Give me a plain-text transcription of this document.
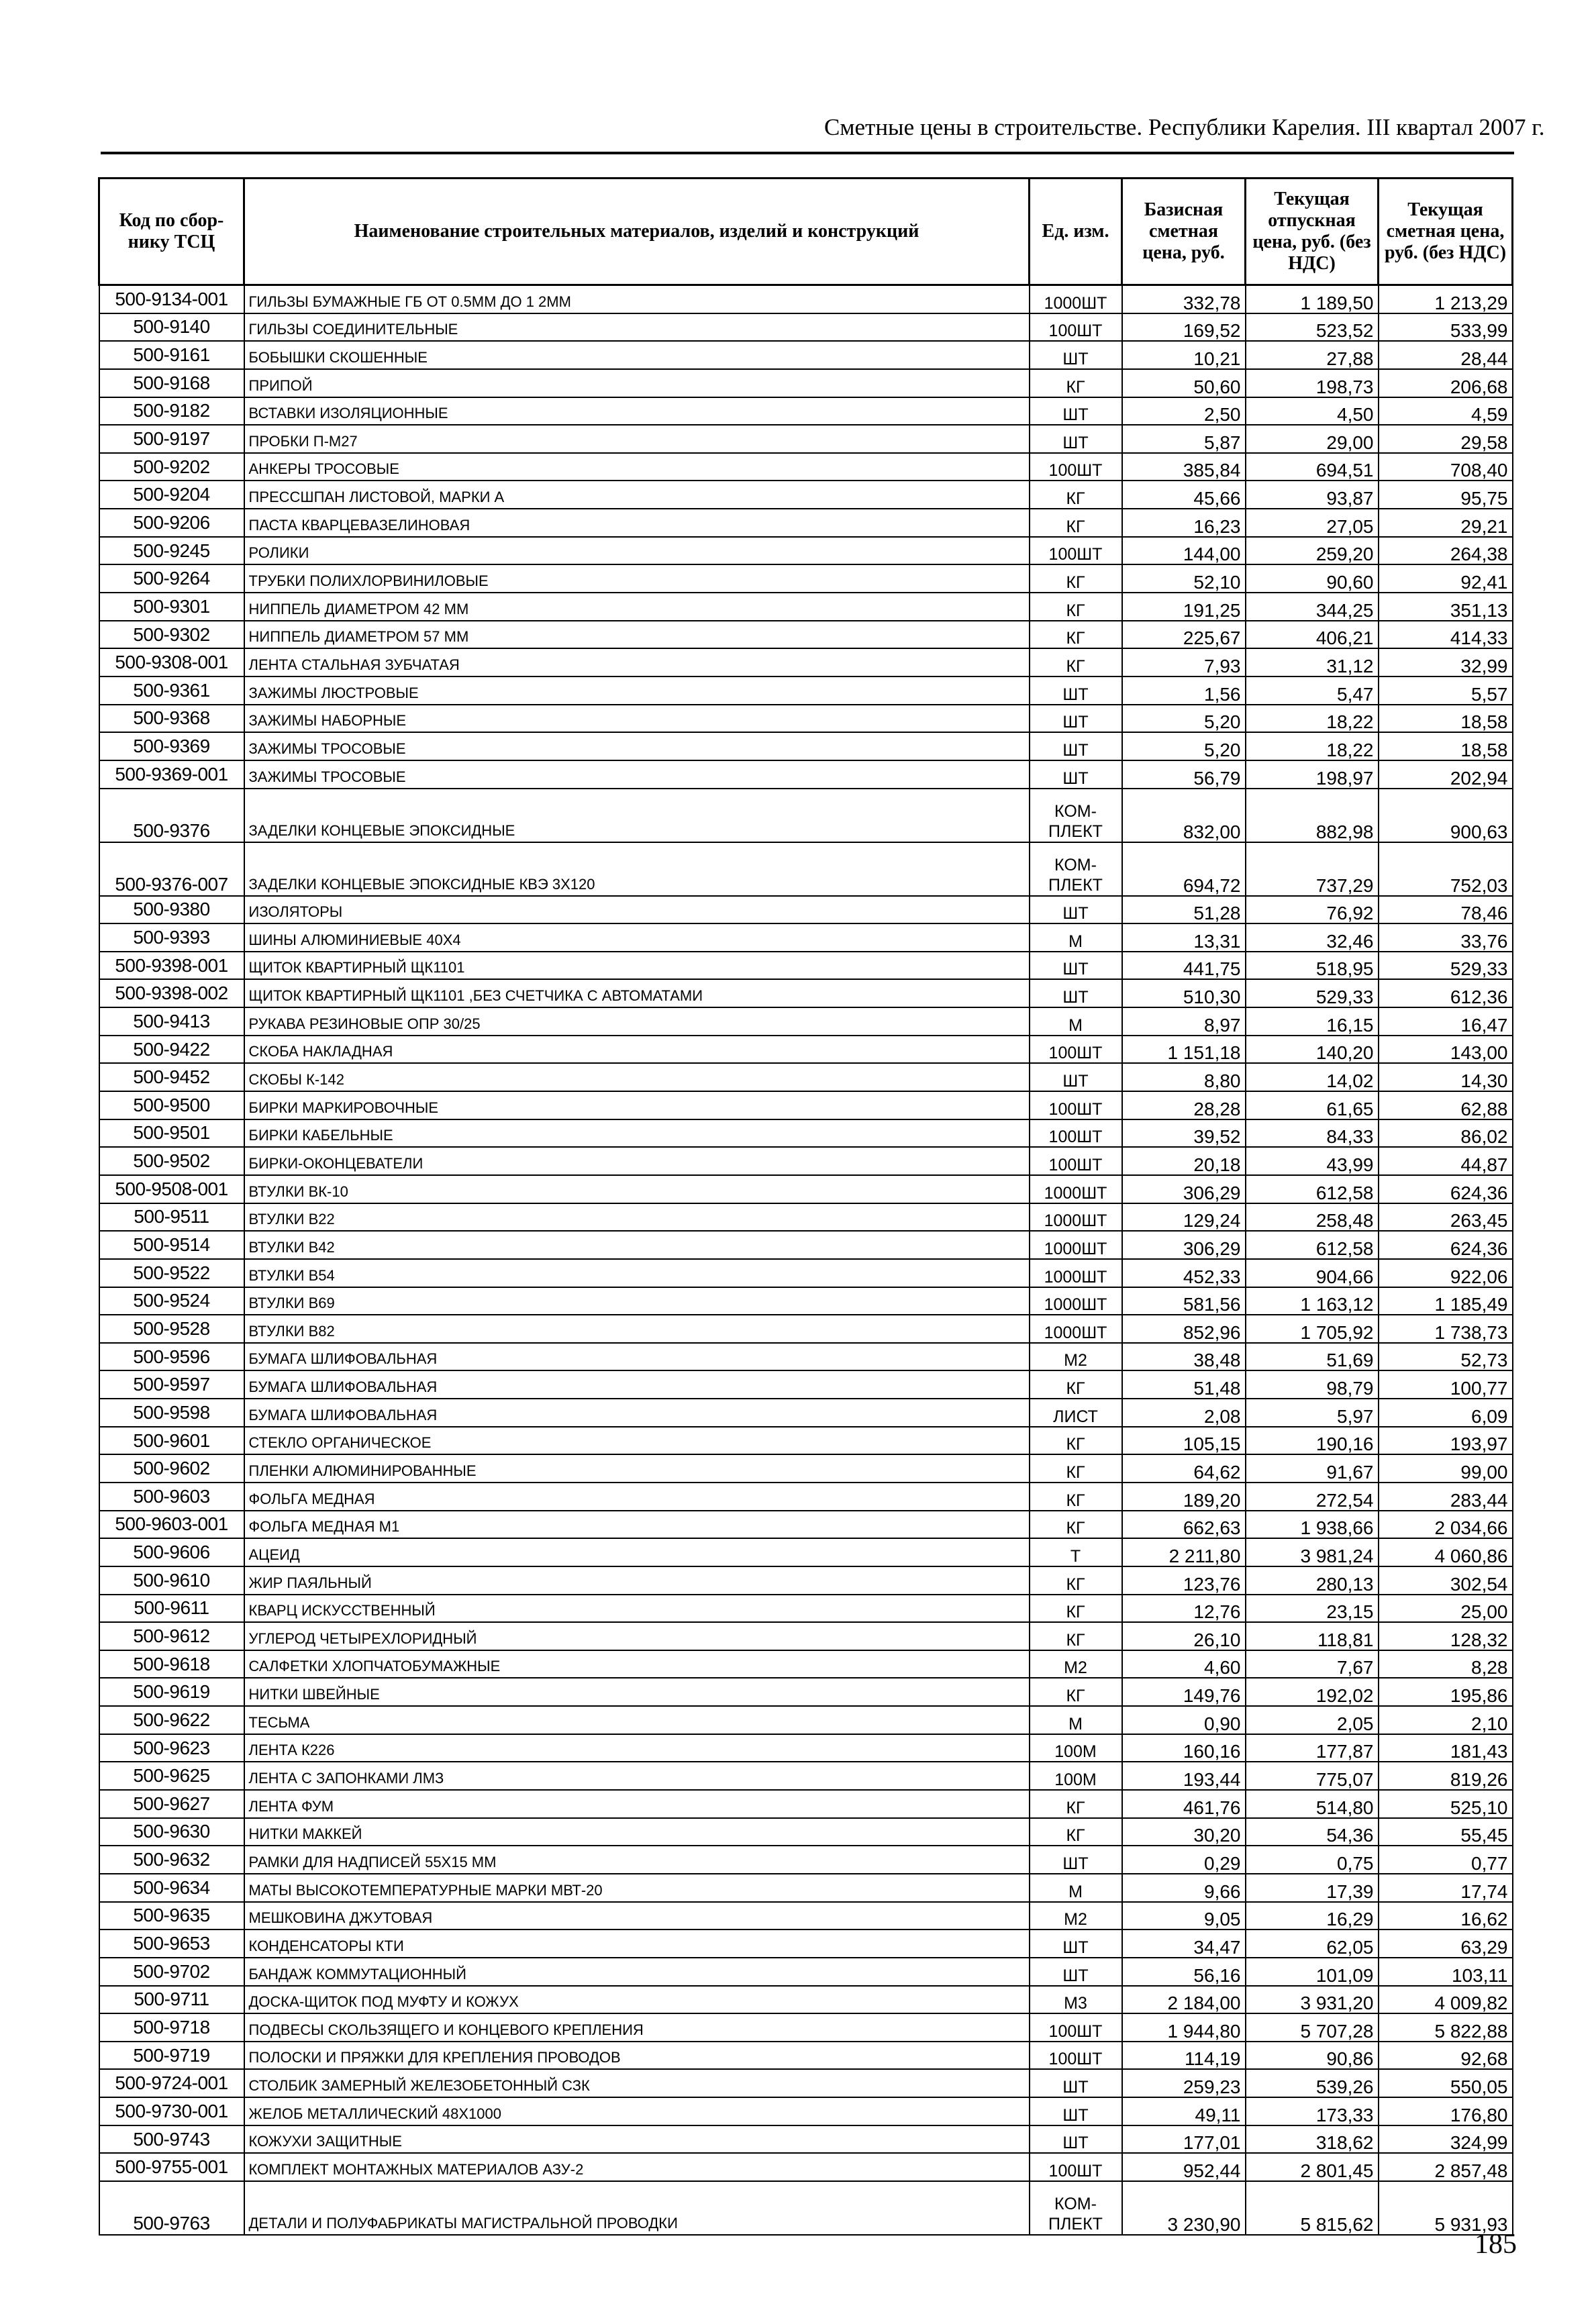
Сметные цены в строительстве. Республики Карелия. III квартал 2007 г.
Код по сбор-нику ТСЦ	Наименование строительных материалов, изделий и конструкций	Ед. изм.	Базисная сметная цена, руб.	Текущая отпускная цена, руб. (без НДС)	Текущая сметная цена, руб. (без НДС)
500-9134-001	ГИЛЬЗЫ БУМАЖНЫЕ ГБ ОТ 0.5ММ ДО 1 2ММ	1000ШТ	332,78	1 189,50	1 213,29
500-9140	ГИЛЬЗЫ СОЕДИНИТЕЛЬНЫЕ	100ШТ	169,52	523,52	533,99
500-9161	БОБЫШКИ СКОШЕННЫЕ	ШТ	10,21	27,88	28,44
500-9168	ПРИПОЙ	КГ	50,60	198,73	206,68
500-9182	ВСТАВКИ ИЗОЛЯЦИОННЫЕ	ШТ	2,50	4,50	4,59
500-9197	ПРОБКИ П-М27	ШТ	5,87	29,00	29,58
500-9202	АНКЕРЫ ТРОСОВЫЕ	100ШТ	385,84	694,51	708,40
500-9204	ПРЕССШПАН ЛИСТОВОЙ, МАРКИ А	КГ	45,66	93,87	95,75
500-9206	ПАСТА КВАРЦЕВАЗЕЛИНОВАЯ	КГ	16,23	27,05	29,21
500-9245	РОЛИКИ	100ШТ	144,00	259,20	264,38
500-9264	ТРУБКИ ПОЛИХЛОРВИНИЛОВЫЕ	КГ	52,10	90,60	92,41
500-9301	НИППЕЛЬ ДИАМЕТРОМ 42 ММ	КГ	191,25	344,25	351,13
500-9302	НИППЕЛЬ ДИАМЕТРОМ 57 ММ	КГ	225,67	406,21	414,33
500-9308-001	ЛЕНТА СТАЛЬНАЯ ЗУБЧАТАЯ	КГ	7,93	31,12	32,99
500-9361	ЗАЖИМЫ ЛЮСТРОВЫЕ	ШТ	1,56	5,47	5,57
500-9368	ЗАЖИМЫ НАБОРНЫЕ	ШТ	5,20	18,22	18,58
500-9369	ЗАЖИМЫ ТРОСОВЫЕ	ШТ	5,20	18,22	18,58
500-9369-001	ЗАЖИМЫ ТРОСОВЫЕ	ШТ	56,79	198,97	202,94
500-9376	ЗАДЕЛКИ КОНЦЕВЫЕ ЭПОКСИДНЫЕ	КОМ-ПЛЕКТ	832,00	882,98	900,63
500-9376-007	ЗАДЕЛКИ КОНЦЕВЫЕ ЭПОКСИДНЫЕ КВЭ 3Х120	КОМ-ПЛЕКТ	694,72	737,29	752,03
500-9380	ИЗОЛЯТОРЫ	ШТ	51,28	76,92	78,46
500-9393	ШИНЫ АЛЮМИНИЕВЫЕ 40Х4	М	13,31	32,46	33,76
500-9398-001	ЩИТОК КВАРТИРНЫЙ ЩК1101	ШТ	441,75	518,95	529,33
500-9398-002	ЩИТОК КВАРТИРНЫЙ ЩК1101 ,БЕЗ СЧЕТЧИКА С АВТОМАТАМИ	ШТ	510,30	529,33	612,36
500-9413	РУКАВА РЕЗИНОВЫЕ ОПР 30/25	М	8,97	16,15	16,47
500-9422	СКОБА НАКЛАДНАЯ	100ШТ	1 151,18	140,20	143,00
500-9452	СКОБЫ К-142	ШТ	8,80	14,02	14,30
500-9500	БИРКИ МАРКИРОВОЧНЫЕ	100ШТ	28,28	61,65	62,88
500-9501	БИРКИ КАБЕЛЬНЫЕ	100ШТ	39,52	84,33	86,02
500-9502	БИРКИ-ОКОНЦЕВАТЕЛИ	100ШТ	20,18	43,99	44,87
500-9508-001	ВТУЛКИ ВК-10	1000ШТ	306,29	612,58	624,36
500-9511	ВТУЛКИ В22	1000ШТ	129,24	258,48	263,45
500-9514	ВТУЛКИ В42	1000ШТ	306,29	612,58	624,36
500-9522	ВТУЛКИ В54	1000ШТ	452,33	904,66	922,06
500-9524	ВТУЛКИ В69	1000ШТ	581,56	1 163,12	1 185,49
500-9528	ВТУЛКИ В82	1000ШТ	852,96	1 705,92	1 738,73
500-9596	БУМАГА ШЛИФОВАЛЬНАЯ	М2	38,48	51,69	52,73
500-9597	БУМАГА ШЛИФОВАЛЬНАЯ	КГ	51,48	98,79	100,77
500-9598	БУМАГА ШЛИФОВАЛЬНАЯ	ЛИСТ	2,08	5,97	6,09
500-9601	СТЕКЛО ОРГАНИЧЕСКОЕ	КГ	105,15	190,16	193,97
500-9602	ПЛЕНКИ АЛЮМИНИРОВАННЫЕ	КГ	64,62	91,67	99,00
500-9603	ФОЛЬГА МЕДНАЯ	КГ	189,20	272,54	283,44
500-9603-001	ФОЛЬГА МЕДНАЯ М1	КГ	662,63	1 938,66	2 034,66
500-9606	АЦЕИД	Т	2 211,80	3 981,24	4 060,86
500-9610	ЖИР ПАЯЛЬНЫЙ	КГ	123,76	280,13	302,54
500-9611	КВАРЦ ИСКУССТВЕННЫЙ	КГ	12,76	23,15	25,00
500-9612	УГЛЕРОД ЧЕТЫРЕХЛОРИДНЫЙ	КГ	26,10	118,81	128,32
500-9618	САЛФЕТКИ ХЛОПЧАТОБУМАЖНЫЕ	М2	4,60	7,67	8,28
500-9619	НИТКИ ШВЕЙНЫЕ	КГ	149,76	192,02	195,86
500-9622	ТЕСЬМА	М	0,90	2,05	2,10
500-9623	ЛЕНТА К226	100М	160,16	177,87	181,43
500-9625	ЛЕНТА С ЗАПОНКАМИ ЛМЗ	100М	193,44	775,07	819,26
500-9627	ЛЕНТА ФУМ	КГ	461,76	514,80	525,10
500-9630	НИТКИ МАККЕЙ	КГ	30,20	54,36	55,45
500-9632	РАМКИ ДЛЯ НАДПИСЕЙ 55Х15 ММ	ШТ	0,29	0,75	0,77
500-9634	МАТЫ ВЫСОКОТЕМПЕРАТУРНЫЕ МАРКИ МВТ-20	М	9,66	17,39	17,74
500-9635	МЕШКОВИНА ДЖУТОВАЯ	М2	9,05	16,29	16,62
500-9653	КОНДЕНСАТОРЫ КТИ	ШТ	34,47	62,05	63,29
500-9702	БАНДАЖ КОММУТАЦИОННЫЙ	ШТ	56,16	101,09	103,11
500-9711	ДОСКА-ЩИТОК ПОД МУФТУ И КОЖУХ	М3	2 184,00	3 931,20	4 009,82
500-9718	ПОДВЕСЫ СКОЛЬЗЯЩЕГО И КОНЦЕВОГО КРЕПЛЕНИЯ	100ШТ	1 944,80	5 707,28	5 822,88
500-9719	ПОЛОСКИ И ПРЯЖКИ ДЛЯ КРЕПЛЕНИЯ ПРОВОДОВ	100ШТ	114,19	90,86	92,68
500-9724-001	СТОЛБИК ЗАМЕРНЫЙ ЖЕЛЕЗОБЕТОННЫЙ СЗК	ШТ	259,23	539,26	550,05
500-9730-001	ЖЕЛОБ МЕТАЛЛИЧЕСКИЙ 48Х1000	ШТ	49,11	173,33	176,80
500-9743	КОЖУХИ ЗАЩИТНЫЕ	ШТ	177,01	318,62	324,99
500-9755-001	КОМПЛЕКТ МОНТАЖНЫХ МАТЕРИАЛОВ АЗУ-2	100ШТ	952,44	2 801,45	2 857,48
500-9763	ДЕТАЛИ И ПОЛУФАБРИКАТЫ МАГИСТРАЛЬНОЙ ПРОВОДКИ	КОМ-ПЛЕКТ	3 230,90	5 815,62	5 931,93
185
